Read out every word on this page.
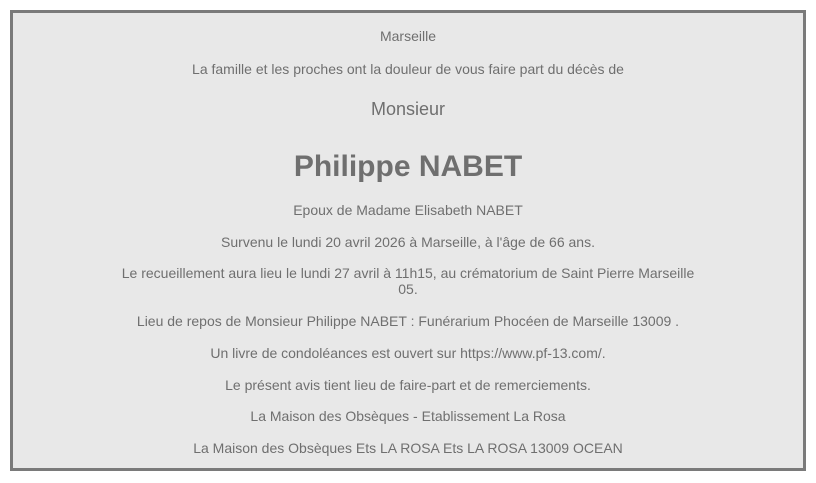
Marseille

La famille et les proches ont la douleur de vous faire part du décès de

Monsieur

Philippe NABET

Epoux de Madame Elisabeth NABET

Survenu le lundi 20 avril 2026 à Marseille, à l'âge de 66 ans.

Le recueillement aura lieu le lundi 27 avril à 11h15, au crématorium de Saint Pierre Marseille 05.

Lieu de repos de Monsieur Philippe NABET : Funérarium Phocéen de Marseille 13009 .

Un livre de condoléances est ouvert sur https://www.pf-13.com/.

Le présent avis tient lieu de faire-part et de remerciements.

La Maison des Obsèques - Etablissement La Rosa

La Maison des Obsèques Ets LA ROSA Ets LA ROSA 13009 OCEAN
